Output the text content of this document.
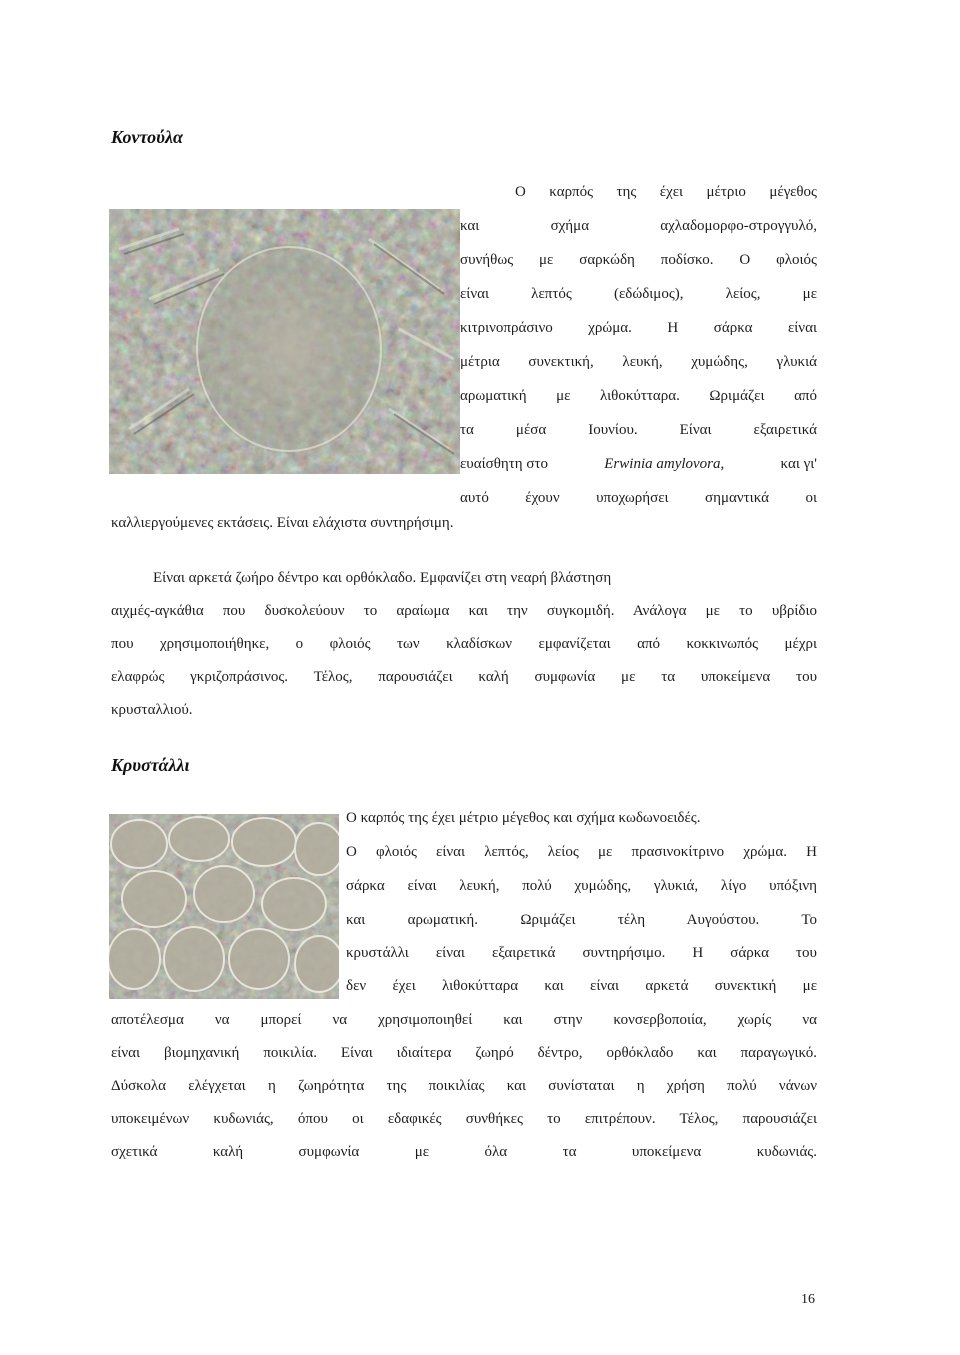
Κοντούλα

Ο καρπός της έχει μέτριο μέγεθος

και σχήμα αχλαδομορφο-στρογγυλό,

συνήθως με σαρκώδη ποδίσκο. Ο φλοιός

είναι λεπτός (εδώδιμος), λείος, με

κιτρινοπράσινο χρώμα. Η σάρκα είναι

μέτρια συνεκτική, λευκή, χυμώδης, γλυκιά

αρωματική με λιθοκύτταρα. Ωριμάζει από

τα μέσα Ιουνίου. Είναι εξαιρετικά

ευαίσθητη στο	Erwinia amylovora,	και γι'

αυτό έχουν υποχωρήσει σημαντικά οι

καλλιεργούμενες εκτάσεις. Είναι ελάχιστα συντηρήσιμη.

Είναι αρκετά ζωήρο δέντρο και ορθόκλαδο. Εμφανίζει στη νεαρή βλάστηση

αιχμές-αγκάθια που δυσκολεύουν το αραίωμα και την συγκομιδή. Ανάλογα με το υβρίδιο

που χρησιμοποιήθηκε, ο φλοιός των κλαδίσκων εμφανίζεται από κοκκινωπός μέχρι

ελαφρώς γκριζοπράσινος. Τέλος, παρουσιάζει καλή συμφωνία με τα υποκείμενα του

κρυσταλλιού.

Κρυστάλλι

Ο καρπός της έχει μέτριο μέγεθος και σχήμα κωδωνοειδές.

Ο φλοιός είναι λεπτός, λείος με πρασινοκίτρινο χρώμα. Η

σάρκα είναι λευκή, πολύ χυμώδης, γλυκιά, λίγο υπόξινη

και αρωματική. Ωριμάζει τέλη Αυγούστου. Το

κρυστάλλι είναι εξαιρετικά συντηρήσιμο. Η σάρκα του

δεν έχει λιθοκύτταρα και είναι αρκετά συνεκτική με

αποτέλεσμα να μπορεί να χρησιμοποιηθεί και στην κονσερβοποιία, χωρίς να

είναι βιομηχανική ποικιλία. Είναι ιδιαίτερα ζωηρό δέντρο, ορθόκλαδο και παραγωγικό.

Δύσκολα ελέγχεται η ζωηρότητα της ποικιλίας και συνίσταται η χρήση πολύ νάνων

υποκειμένων κυδωνιάς, όπου οι εδαφικές συνθήκες το επιτρέπουν. Τέλος, παρουσιάζει

σχετικά καλή συμφωνία με όλα τα υποκείμενα κυδωνιάς.

16
